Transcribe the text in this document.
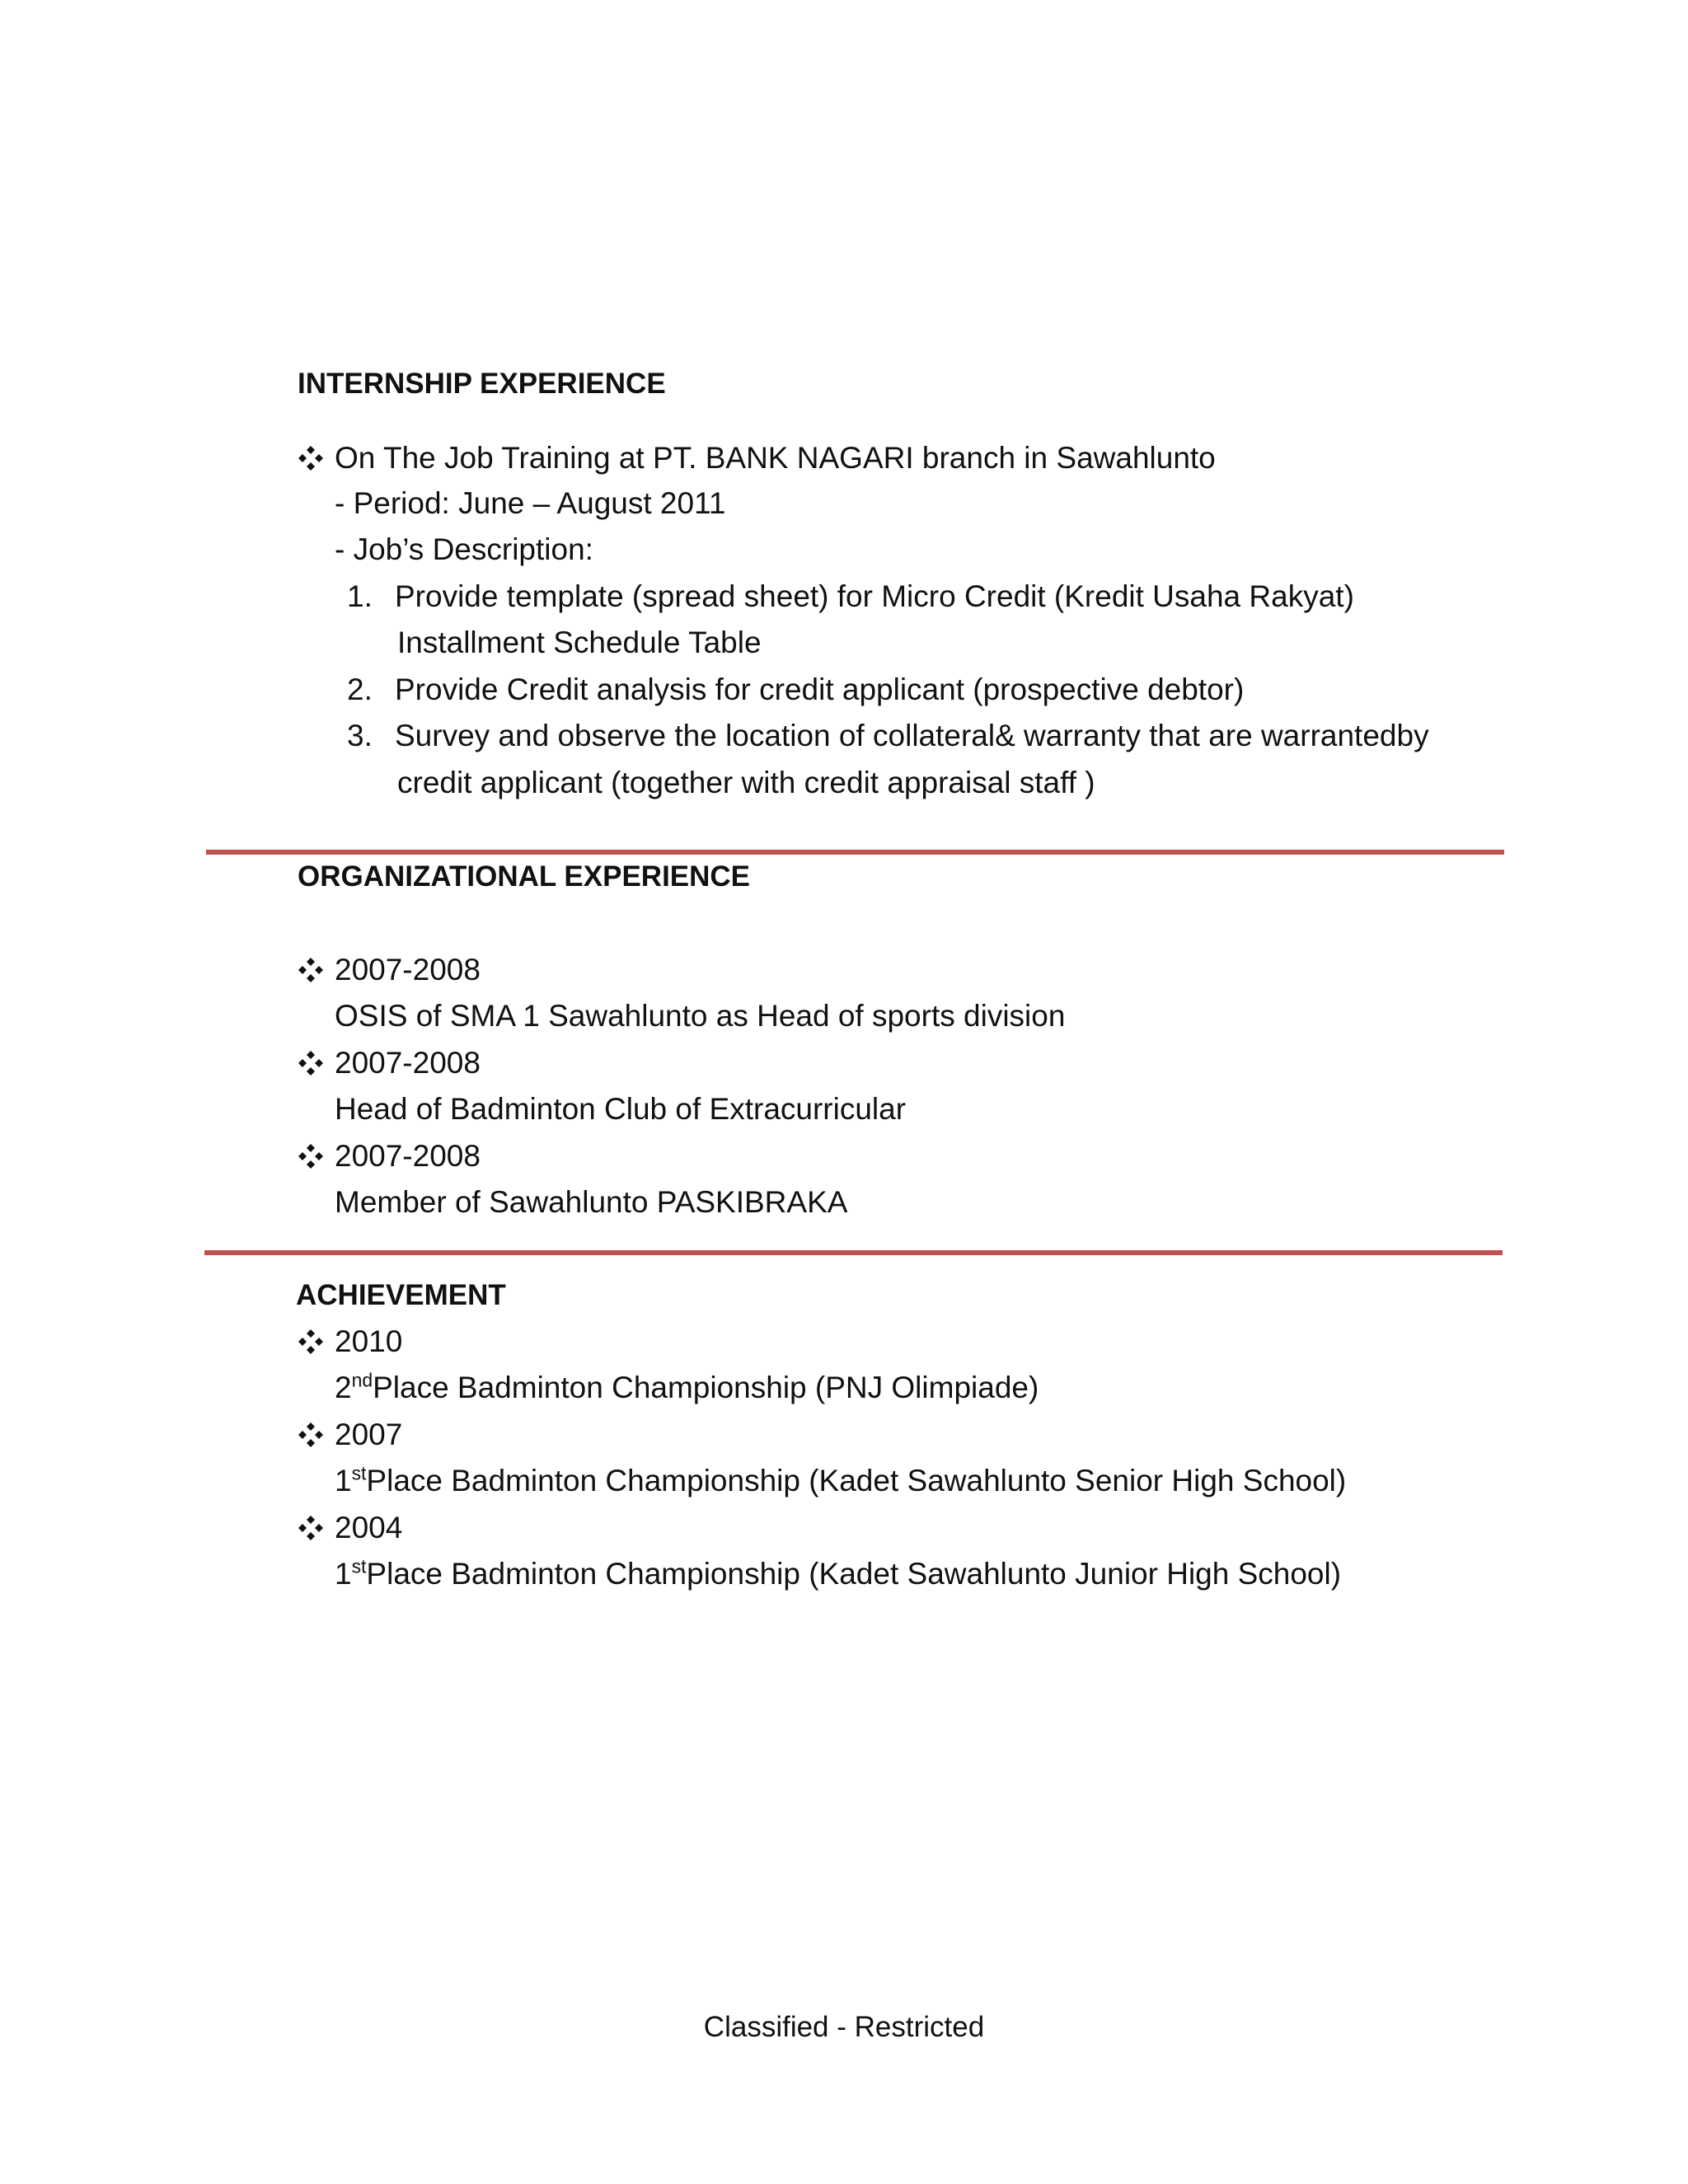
INTERNSHIP EXPERIENCE
On The Job Training at PT. BANK NAGARI branch in Sawahlunto
- Period: June – August 2011
- Job’s Description:
1. Provide template (spread sheet) for Micro Credit (Kredit Usaha Rakyat)
Installment Schedule Table
2. Provide Credit analysis for credit applicant (prospective debtor)
3. Survey and observe the location of collateral& warranty that are warrantedby
credit applicant (together with credit appraisal staff )
ORGANIZATIONAL EXPERIENCE
2007-2008
OSIS of SMA 1 Sawahlunto as Head of sports division
2007-2008
Head of Badminton Club of Extracurricular
2007-2008
Member of Sawahlunto PASKIBRAKA
ACHIEVEMENT
2010
2ndPlace Badminton Championship (PNJ Olimpiade)
2007
1stPlace Badminton Championship (Kadet Sawahlunto Senior High School)
2004
1stPlace Badminton Championship (Kadet Sawahlunto Junior High School)
Classified - Restricted
